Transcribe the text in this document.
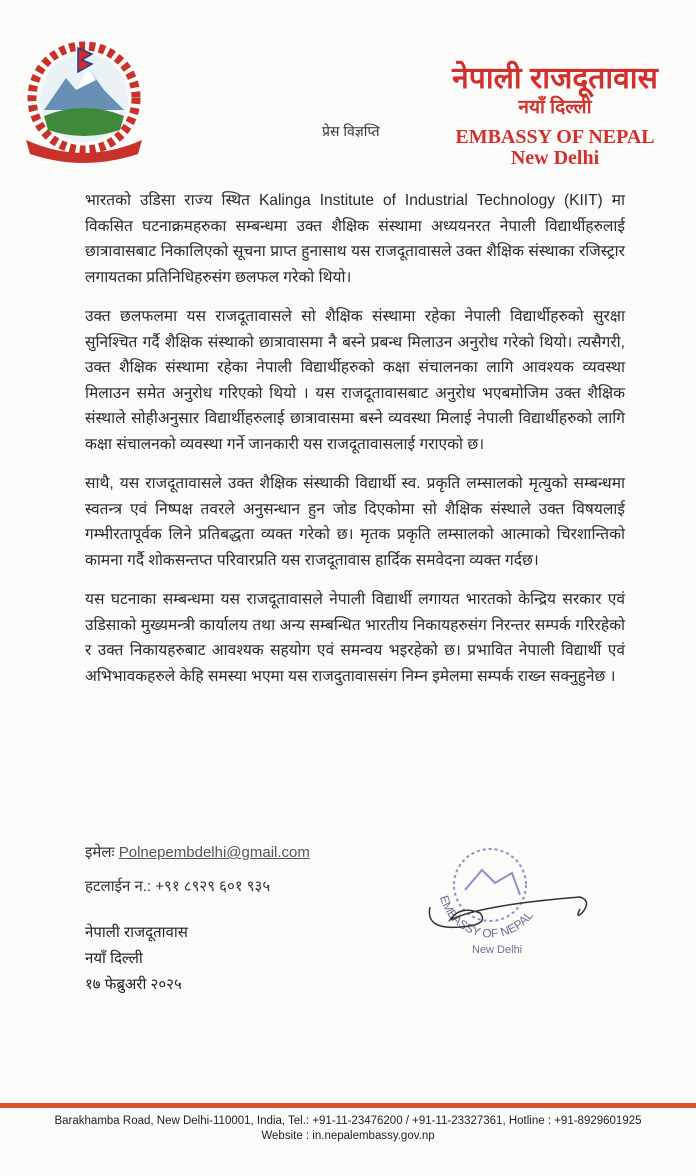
प्रेस विज्ञप्ति
नेपाली राजदूतावास
नयाँ दिल्ली
EMBASSY OF NEPAL
New Delhi

भारतको उडिसा राज्य स्थित Kalinga Institute of Industrial Technology (KIIT) मा विकसित घटनाक्रमहरुका सम्बन्धमा उक्त शैक्षिक संस्थामा अध्ययनरत नेपाली विद्यार्थीहरुलाई छात्रावासबाट निकालिएको सूचना प्राप्त हुनासाथ यस राजदूतावासले उक्त शैक्षिक संस्थाका रजिस्ट्रार लगायतका प्रतिनिधिहरुसंग छलफल गरेको थियो।

उक्त छलफलमा यस राजदूतावासले सो शैक्षिक संस्थामा रहेका नेपाली विद्यार्थीहरुको सुरक्षा सुनिश्चित गर्दै शैक्षिक संस्थाको छात्रावासमा नै बस्ने प्रबन्ध मिलाउन अनुरोध गरेको थियो। त्यसैगरी, उक्त शैक्षिक संस्थामा रहेका नेपाली विद्यार्थीहरुको कक्षा संचालनका लागि आवश्यक व्यवस्था मिलाउन समेत अनुरोध गरिएको थियो । यस राजदूतावासबाट अनुरोध भएबमोजिम उक्त शैक्षिक संस्थाले सोहीअनुसार विद्यार्थीहरुलाई छात्रावासमा बस्ने व्यवस्था मिलाई नेपाली विद्यार्थीहरुको लागि कक्षा संचालनको व्यवस्था गर्ने जानकारी यस राजदूतावासलाई गराएको छ।

साथै, यस राजदूतावासले उक्त शैक्षिक संस्थाकी विद्यार्थी स्व. प्रकृति लम्सालको मृत्युको सम्बन्धमा स्वतन्त्र एवं निष्पक्ष तवरले अनुसन्धान हुन जोड दिएकोमा सो शैक्षिक संस्थाले उक्त विषयलाई गम्भीरतापूर्वक लिने प्रतिबद्धता व्यक्त गरेको छ। मृतक प्रकृति लम्सालको आत्माको चिरशान्तिको कामना गर्दै शोकसन्तप्त परिवारप्रति यस राजदूतावास हार्दिक समवेदना व्यक्त गर्दछ।

यस घटनाका सम्बन्धमा यस राजदूतावासले नेपाली विद्यार्थी लगायत भारतको केन्द्रिय सरकार एवं उडिसाको मुख्यमन्त्री कार्यालय तथा अन्य सम्बन्धित भारतीय निकायहरुसंग निरन्तर सम्पर्क गरिरहेको र उक्त निकायहरुबाट आवश्यक सहयोग एवं समन्वय भइरहेको छ। प्रभावित नेपाली विद्यार्थी एवं अभिभावकहरुले केहि समस्या भएमा यस राजदुतावाससंग निम्न इमेलमा सम्पर्क राख्न सक्नुहुनेछ ।

इमेलः Polnepembdelhi@gmail.com
हटलाईन न.: +९१ ८९२९ ६०१ ९३५
नेपाली राजदूतावास
नयाँ दिल्ली
१७ फेब्रुअरी २०२५
EMBASSY OF NEPAL
New Delhi
Barakhamba Road, New Delhi-110001, India, Tel.: +91-11-23476200 / +91-11-23327361, Hotline : +91-8929601925
Website : in.nepalembassy.gov.np
